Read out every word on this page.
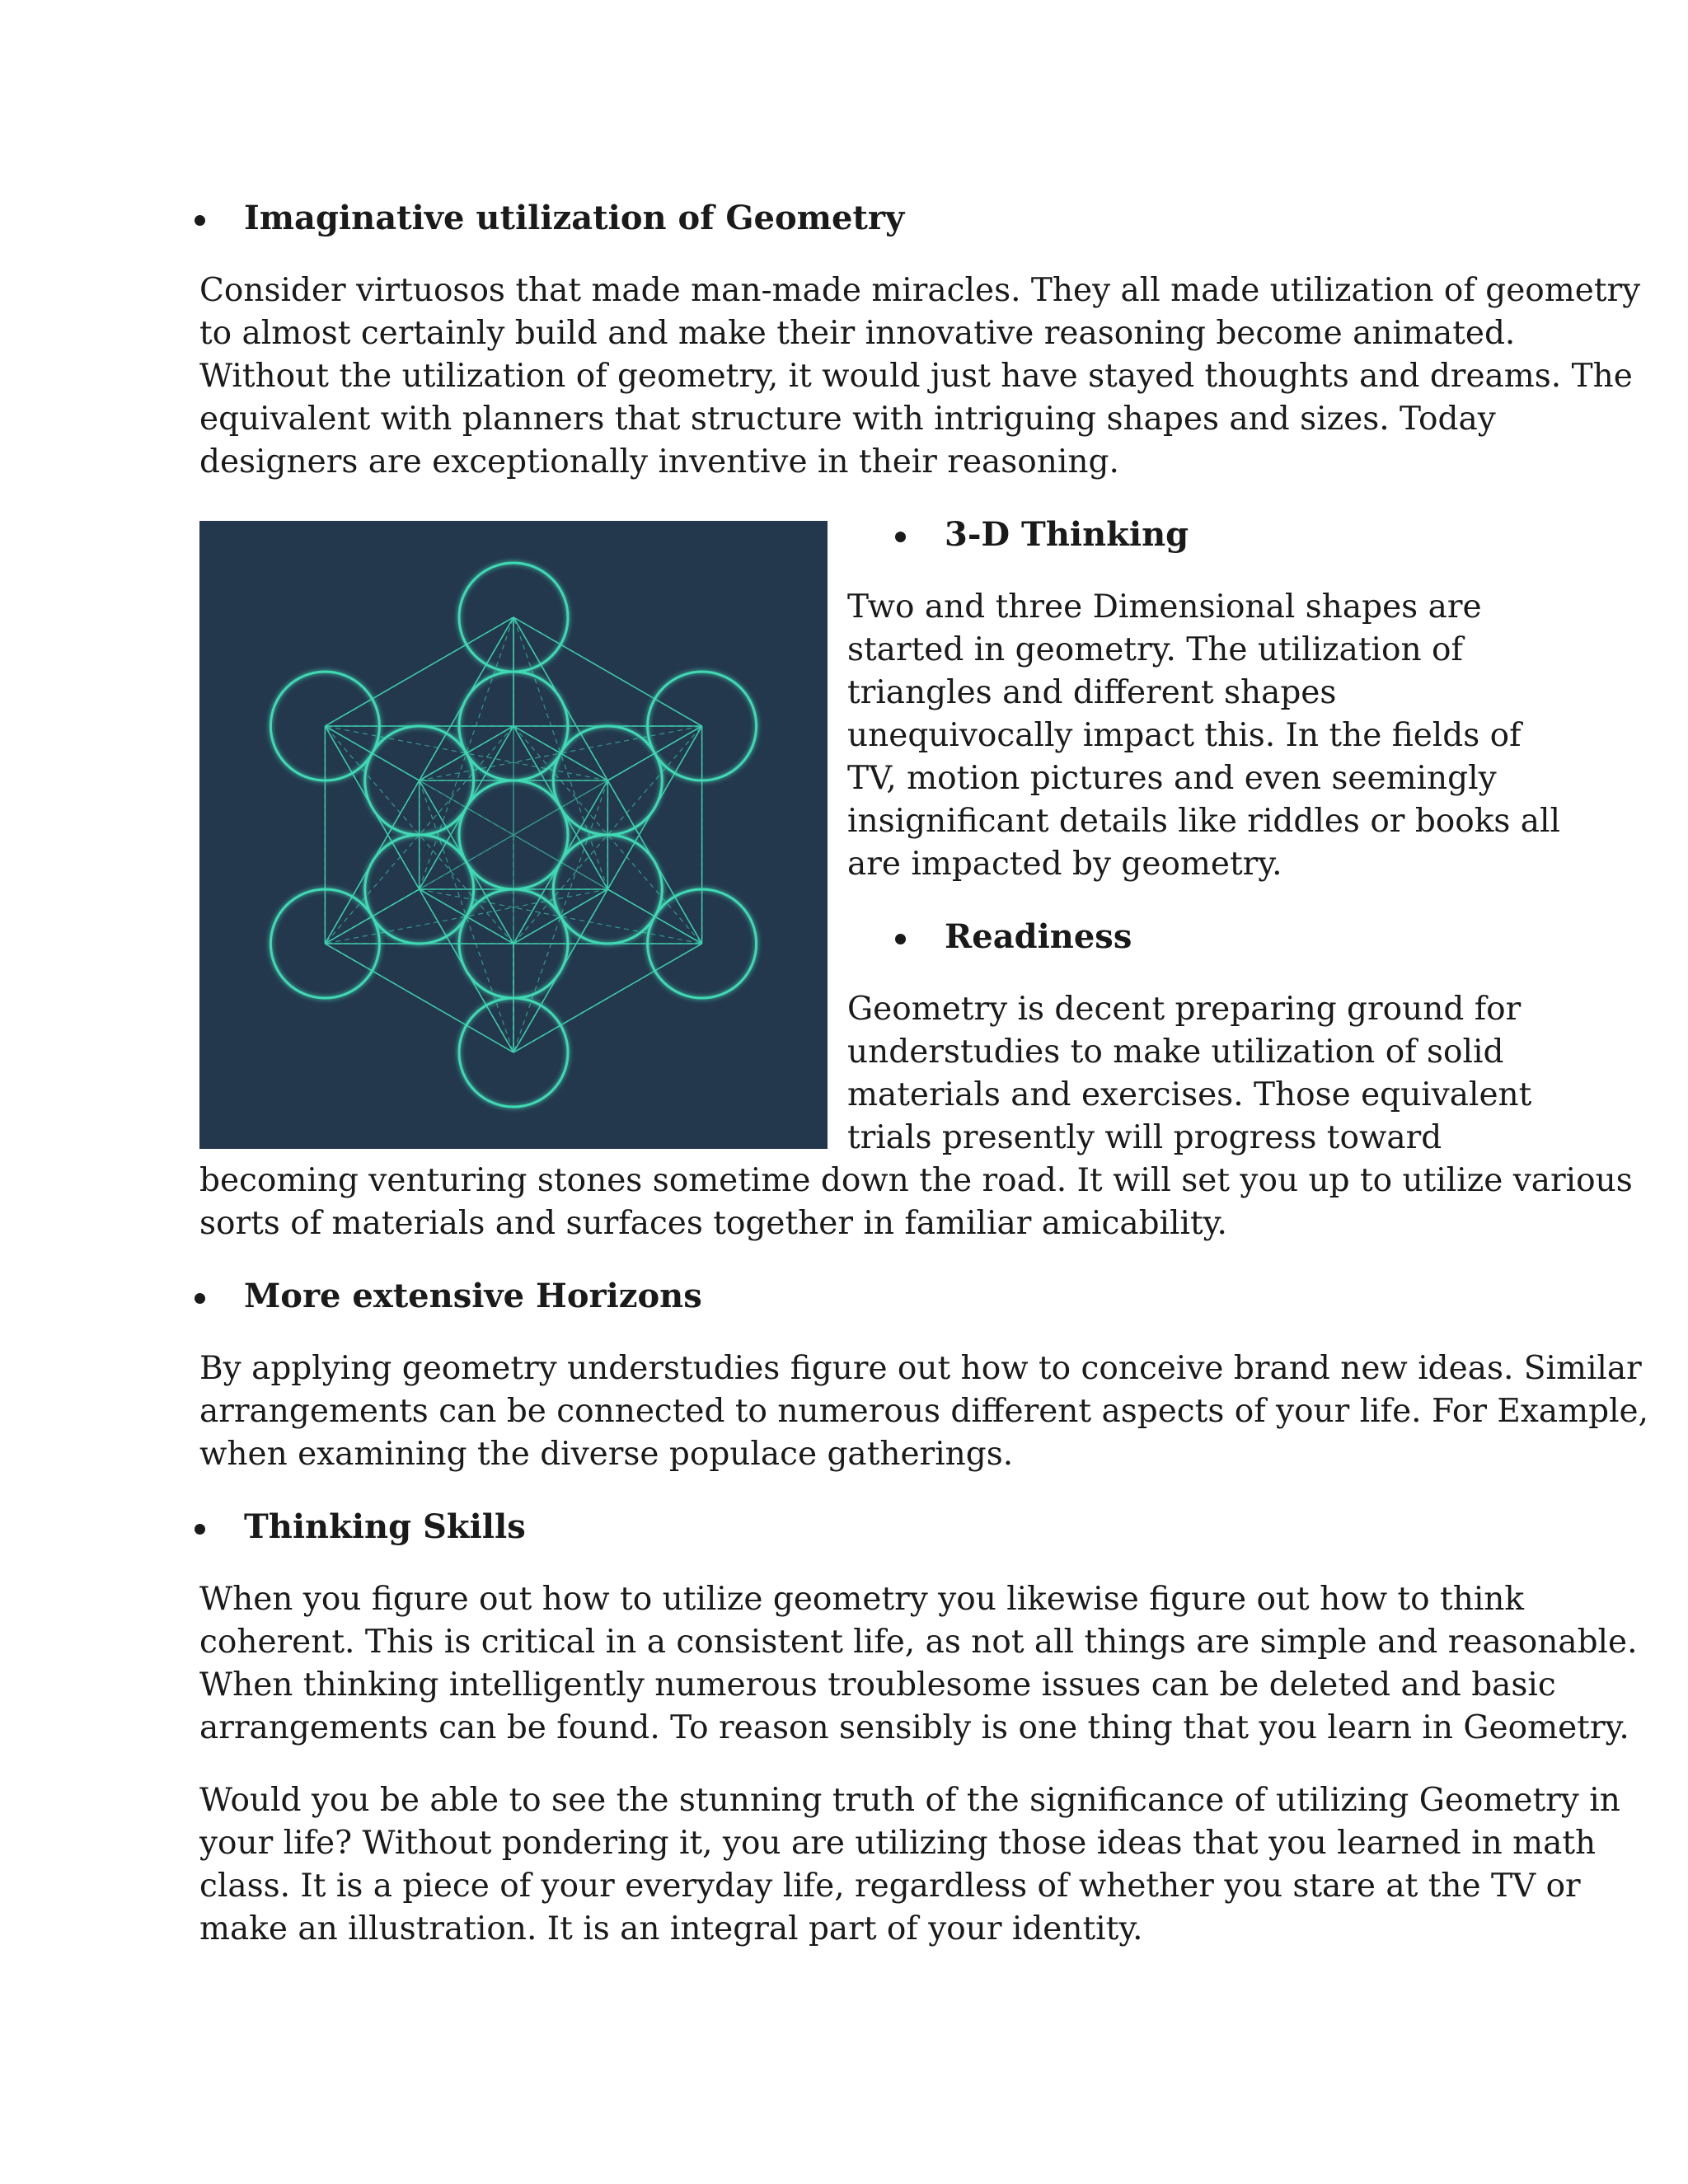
Imaginative utilization of Geometry

Consider virtuosos that made man-made miracles. They all made utilization of geometry
to almost certainly build and make their innovative reasoning become animated.
Without the utilization of geometry, it would just have stayed thoughts and dreams. The
equivalent with planners that structure with intriguing shapes and sizes. Today
designers are exceptionally inventive in their reasoning.

3-D Thinking

Two and three Dimensional shapes are
started in geometry. The utilization of
triangles and different shapes
unequivocally impact this. In the fields of
TV, motion pictures and even seemingly
insignificant details like riddles or books all
are impacted by geometry.

Readiness

Geometry is decent preparing ground for
understudies to make utilization of solid
materials and exercises. Those equivalent
trials presently will progress toward

becoming venturing stones sometime down the road. It will set you up to utilize various
sorts of materials and surfaces together in familiar amicability.

More extensive Horizons

By applying geometry understudies figure out how to conceive brand new ideas. Similar
arrangements can be connected to numerous different aspects of your life. For Example,
when examining the diverse populace gatherings.

Thinking Skills

When you figure out how to utilize geometry you likewise figure out how to think
coherent. This is critical in a consistent life, as not all things are simple and reasonable.
When thinking intelligently numerous troublesome issues can be deleted and basic
arrangements can be found. To reason sensibly is one thing that you learn in Geometry.

Would you be able to see the stunning truth of the significance of utilizing Geometry in
your life? Without pondering it, you are utilizing those ideas that you learned in math
class. It is a piece of your everyday life, regardless of whether you stare at the TV or
make an illustration. It is an integral part of your identity.
